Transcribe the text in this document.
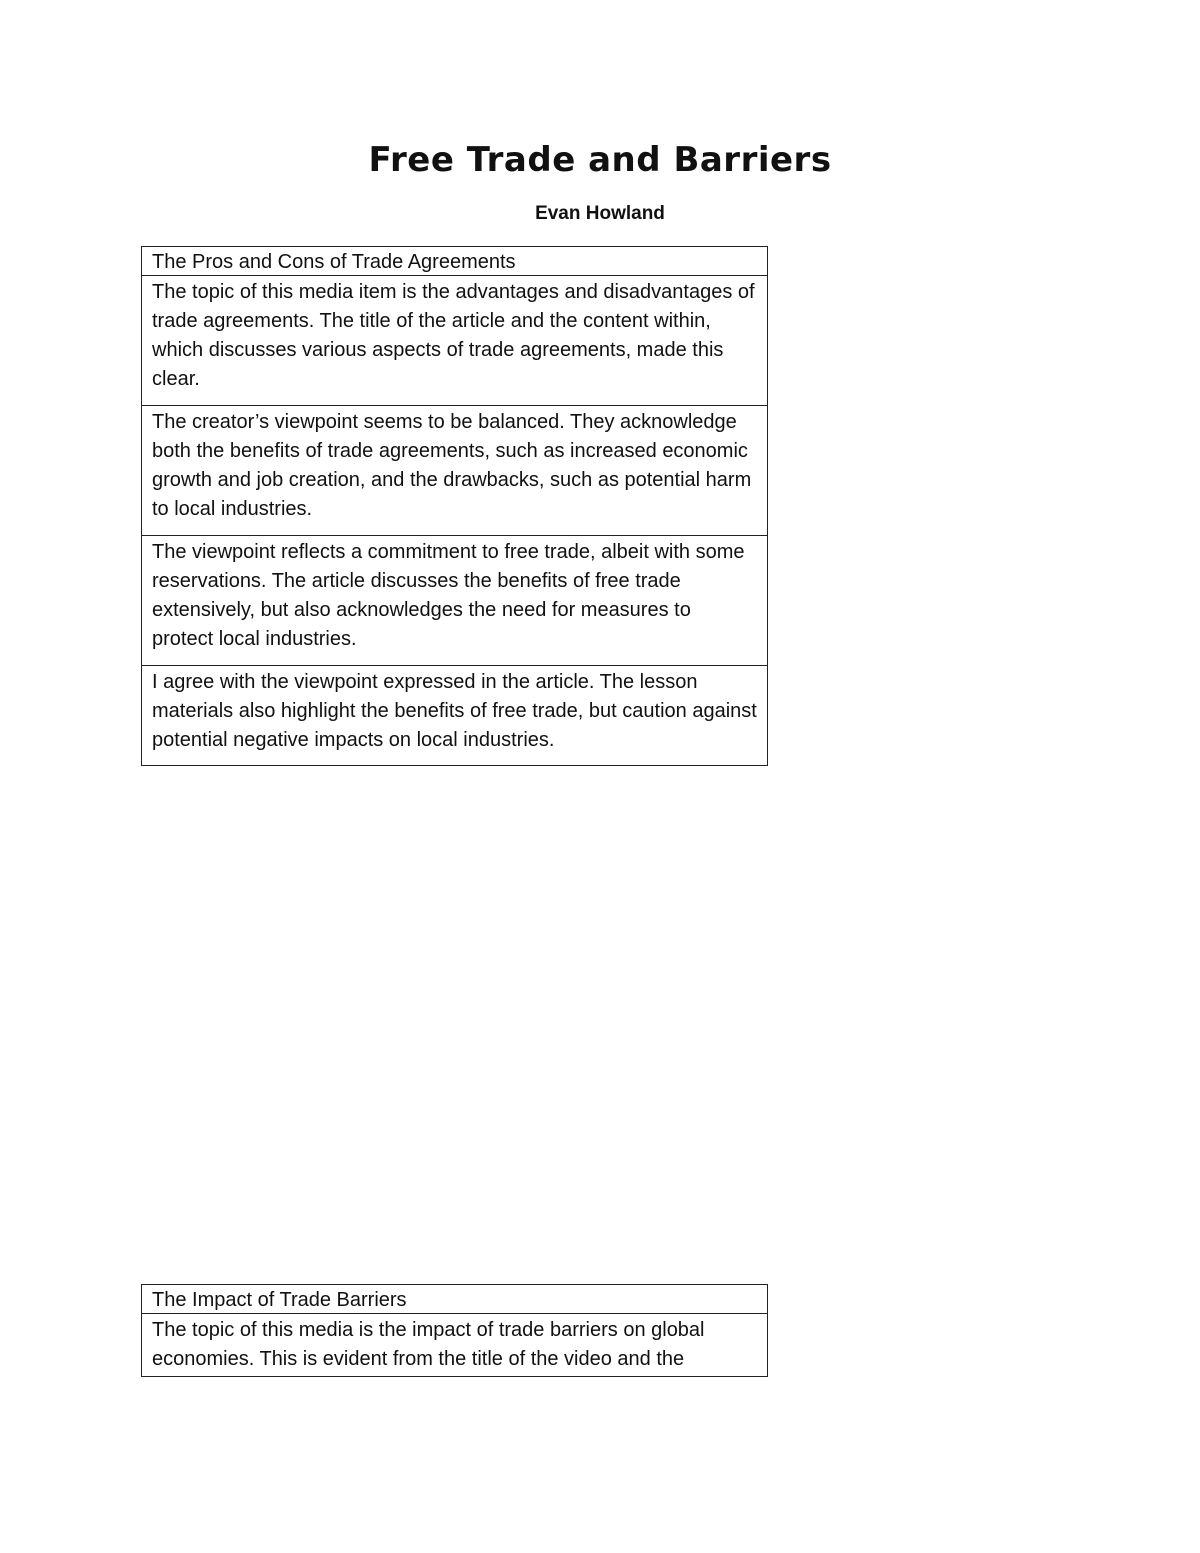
Free Trade and Barriers
Evan Howland
The Pros and Cons of Trade Agreements
The topic of this media item is the advantages and disadvantages of trade agreements. The title of the article and the content within, which discusses various aspects of trade agreements, made this clear.
The creator’s viewpoint seems to be balanced. They acknowledge both the benefits of trade agreements, such as increased economic growth and job creation, and the drawbacks, such as potential harm to local industries.
The viewpoint reflects a commitment to free trade, albeit with some reservations. The article discusses the benefits of free trade extensively, but also acknowledges the need for measures to protect local industries.
I agree with the viewpoint expressed in the article. The lesson materials also highlight the benefits of free trade, but caution against potential negative impacts on local industries.
The Impact of Trade Barriers
The topic of this media is the impact of trade barriers on global economies. This is evident from the title of the video and the
